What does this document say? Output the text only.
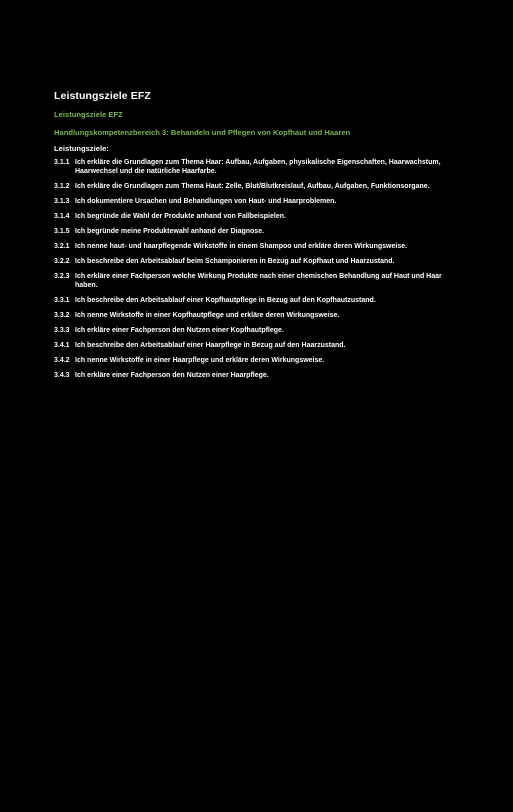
Leistungsziele EFZ
Leistungsziele EFZ
Handlungskompetenzbereich 3: Behandeln und Pflegen von Kopfhaut und Haaren
Leistungsziele:
3.1.1 Ich erkläre die Grundlagen zum Thema Haar: Aufbau, Aufgaben, physikalische Eigenschaften, Haarwachstum, Haarwechsel und die natürliche Haarfarbe.
3.1.2 Ich erkläre die Grundlagen zum Thema Haut: Zelle, Blut/Blutkreislauf, Aufbau, Aufgaben, Funktionsorgane.
3.1.3 Ich dokumentiere Ursachen und Behandlungen von Haut- und Haarproblemen.
3.1.4 Ich begründe die Wahl der Produkte anhand von Fallbeispielen.
3.1.5 Ich begründe meine Produktewahl anhand der Diagnose.
3.2.1 Ich nenne haut- und haarpflegende Wirkstoffe in einem Shampoo und erkläre deren Wirkungsweise.
3.2.2 Ich beschreibe den Arbeitsablauf beim Schamponieren in Bezug auf Kopfhaut und Haarzustand.
3.2.3 Ich erkläre einer Fachperson welche Wirkung Produkte nach einer chemischen Behandlung auf Haut und Haar haben.
3.3.1 Ich beschreibe den Arbeitsablauf einer Kopfhautpflege in Bezug auf den Kopfhautzustand.
3.3.2 Ich nenne Wirkstoffe in einer Kopfhautpflege und erkläre deren Wirkungsweise.
3.3.3 Ich erkläre einer Fachperson den Nutzen einer Kopfhautpflege.
3.4.1 Ich beschreibe den Arbeitsablauf einer Haarpflege in Bezug auf den Haarzustand.
3.4.2 Ich nenne Wirkstoffe in einer Haarpflege und erkläre deren Wirkungsweise.
3.4.3 Ich erkläre einer Fachperson den Nutzen einer Haarpflege.
